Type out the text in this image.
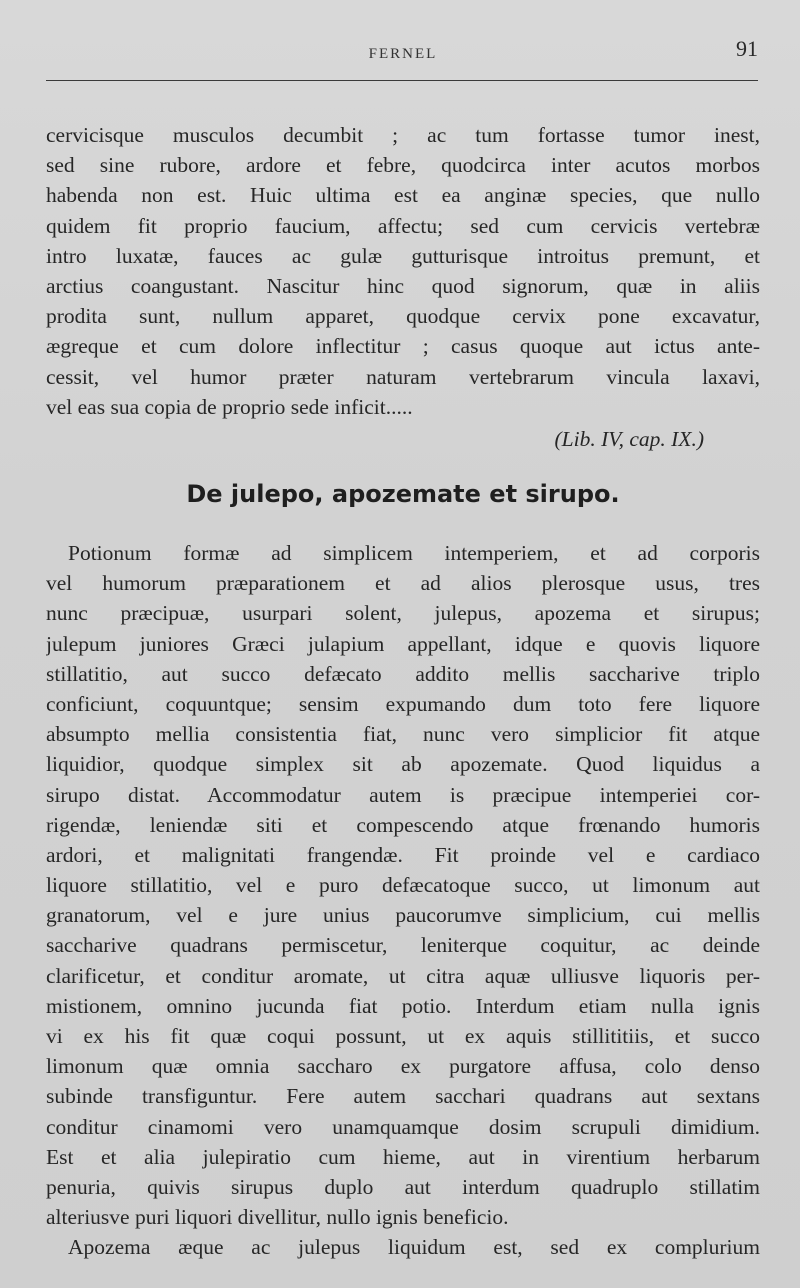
FERNEL	91
cervicisque musculos decumbit ; ac tum fortasse tumor inest,
sed sine rubore, ardore et febre, quodcirca inter acutos morbos
habenda non est. Huic ultima est ea anginæ species, que nullo
quidem fit proprio faucium, affectu; sed cum cervicis vertebræ
intro luxatæ, fauces ac gulæ gutturisque introitus premunt, et
arctius coangustant. Nascitur hinc quod signorum, quæ in aliis
prodita sunt, nullum apparet, quodque cervix pone excavatur,
ægreque et cum dolore inflectitur ; casus quoque aut ictus ante-
cessit, vel humor præter naturam vertebrarum vincula laxavi,
vel eas sua copia de proprio sede inficit.....
(Lib. IV, cap. IX.)
De julepo, apozemate et sirupo.
Potionum formæ ad simplicem intemperiem, et ad corporis
vel humorum præparationem et ad alios plerosque usus, tres
nunc præcipuæ, usurpari solent, julepus, apozema et sirupus;
julepum juniores Græci julapium appellant, idque e quovis liquore
stillatitio, aut succo defæcato addito mellis saccharive triplo
conficiunt, coquuntque; sensim expumando dum toto fere liquore
absumpto mellia consistentia fiat, nunc vero simplicior fit atque
liquidior, quodque simplex sit ab apozemate. Quod liquidus a
sirupo distat. Accommodatur autem is præcipue intemperiei cor-
rigendæ, leniendæ siti et compescendo atque frœnando humoris
ardori, et malignitati frangendæ. Fit proinde vel e cardiaco
liquore stillatitio, vel e puro defæcatoque succo, ut limonum aut
granatorum, vel e jure unius paucorumve simplicium, cui mellis
saccharive quadrans permiscetur, leniterque coquitur, ac deinde
clarificetur, et conditur aromate, ut citra aquæ ulliusve liquoris per-
mistionem, omnino jucunda fiat potio. Interdum etiam nulla ignis
vi ex his fit quæ coqui possunt, ut ex aquis stillititiis, et succo
limonum quæ omnia saccharo ex purgatore affusa, colo denso
subinde transfiguntur. Fere autem sacchari quadrans aut sextans
conditur cinamomi vero unamquamque dosim scrupuli dimidium.
Est et alia julepiratio cum hieme, aut in virentium herbarum
penuria, quivis sirupus duplo aut interdum quadruplo stillatim
alteriusve puri liquori divellitur, nullo ignis beneficio.
Apozema æque ac julepus liquidum est, sed ex complurium
